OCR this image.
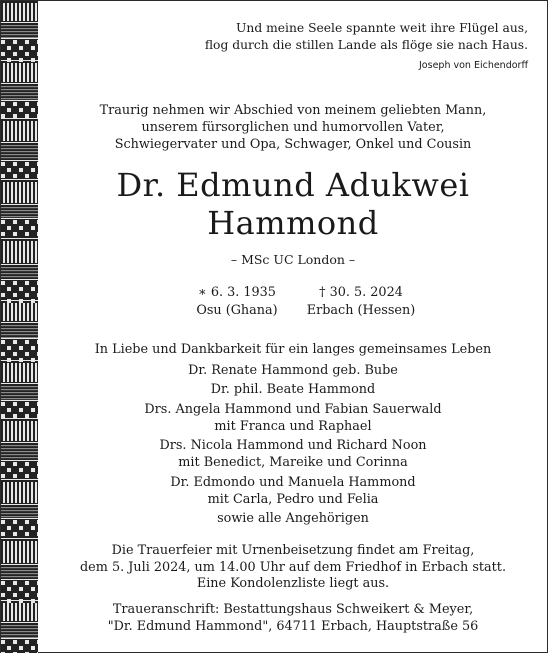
Und meine Seele spannte weit ihre Flügel aus,
flog durch die stillen Lande als flöge sie nach Haus.
Joseph von Eichendorff
Traurig nehmen wir Abschied von meinem geliebten Mann,
unserem fürsorglichen und humorvollen Vater,
Schwiegervater und Opa, Schwager, Onkel und Cousin
Dr. Edmund Adukwei
Hammond
– MSc UC London –
∗ 6. 3. 1935
Osu (Ghana)
† 30. 5. 2024
Erbach (Hessen)
In Liebe und Dankbarkeit für ein langes gemeinsames Leben
Dr. Renate Hammond geb. Bube
Dr. phil. Beate Hammond
Drs. Angela Hammond und Fabian Sauerwald
mit Franca und Raphael
Drs. Nicola Hammond und Richard Noon
mit Benedict, Mareike und Corinna
Dr. Edmondo und Manuela Hammond
mit Carla, Pedro und Felia
sowie alle Angehörigen
Die Trauerfeier mit Urnenbeisetzung findet am Freitag,
dem 5. Juli 2024, um 14.00 Uhr auf dem Friedhof in Erbach statt.
Eine Kondolenzliste liegt aus.
Traueranschrift: Bestattungshaus Schweikert & Meyer,
"Dr. Edmund Hammond", 64711 Erbach, Hauptstraße 56
